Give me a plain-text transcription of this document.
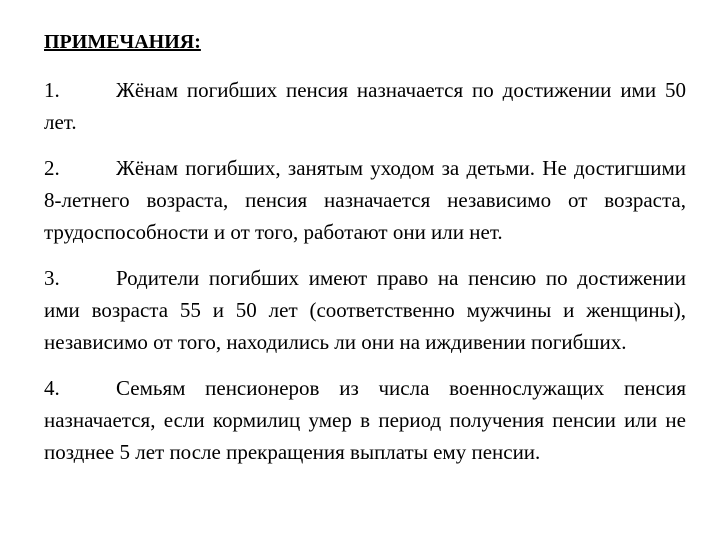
ПРИМЕЧАНИЯ:

1.	Жёнам погибших пенсия назначается по достижении ими 50 лет.

2.	Жёнам погибших, занятым уходом за детьми. Не достигшими 8-летнего возраста, пенсия назначается независимо от возраста, трудоспособности и от того, работают они или нет.

3.	Родители погибших имеют право на пенсию по достижении ими возраста 55 и 50 лет (соответственно мужчины и женщины), независимо от того, находились ли они на иждивении погибших.

4.	Семьям пенсионеров из числа военнослужащих пенсия назначается, если кормилиц умер в период получения пенсии или не позднее 5 лет после прекращения выплаты ему пенсии.
